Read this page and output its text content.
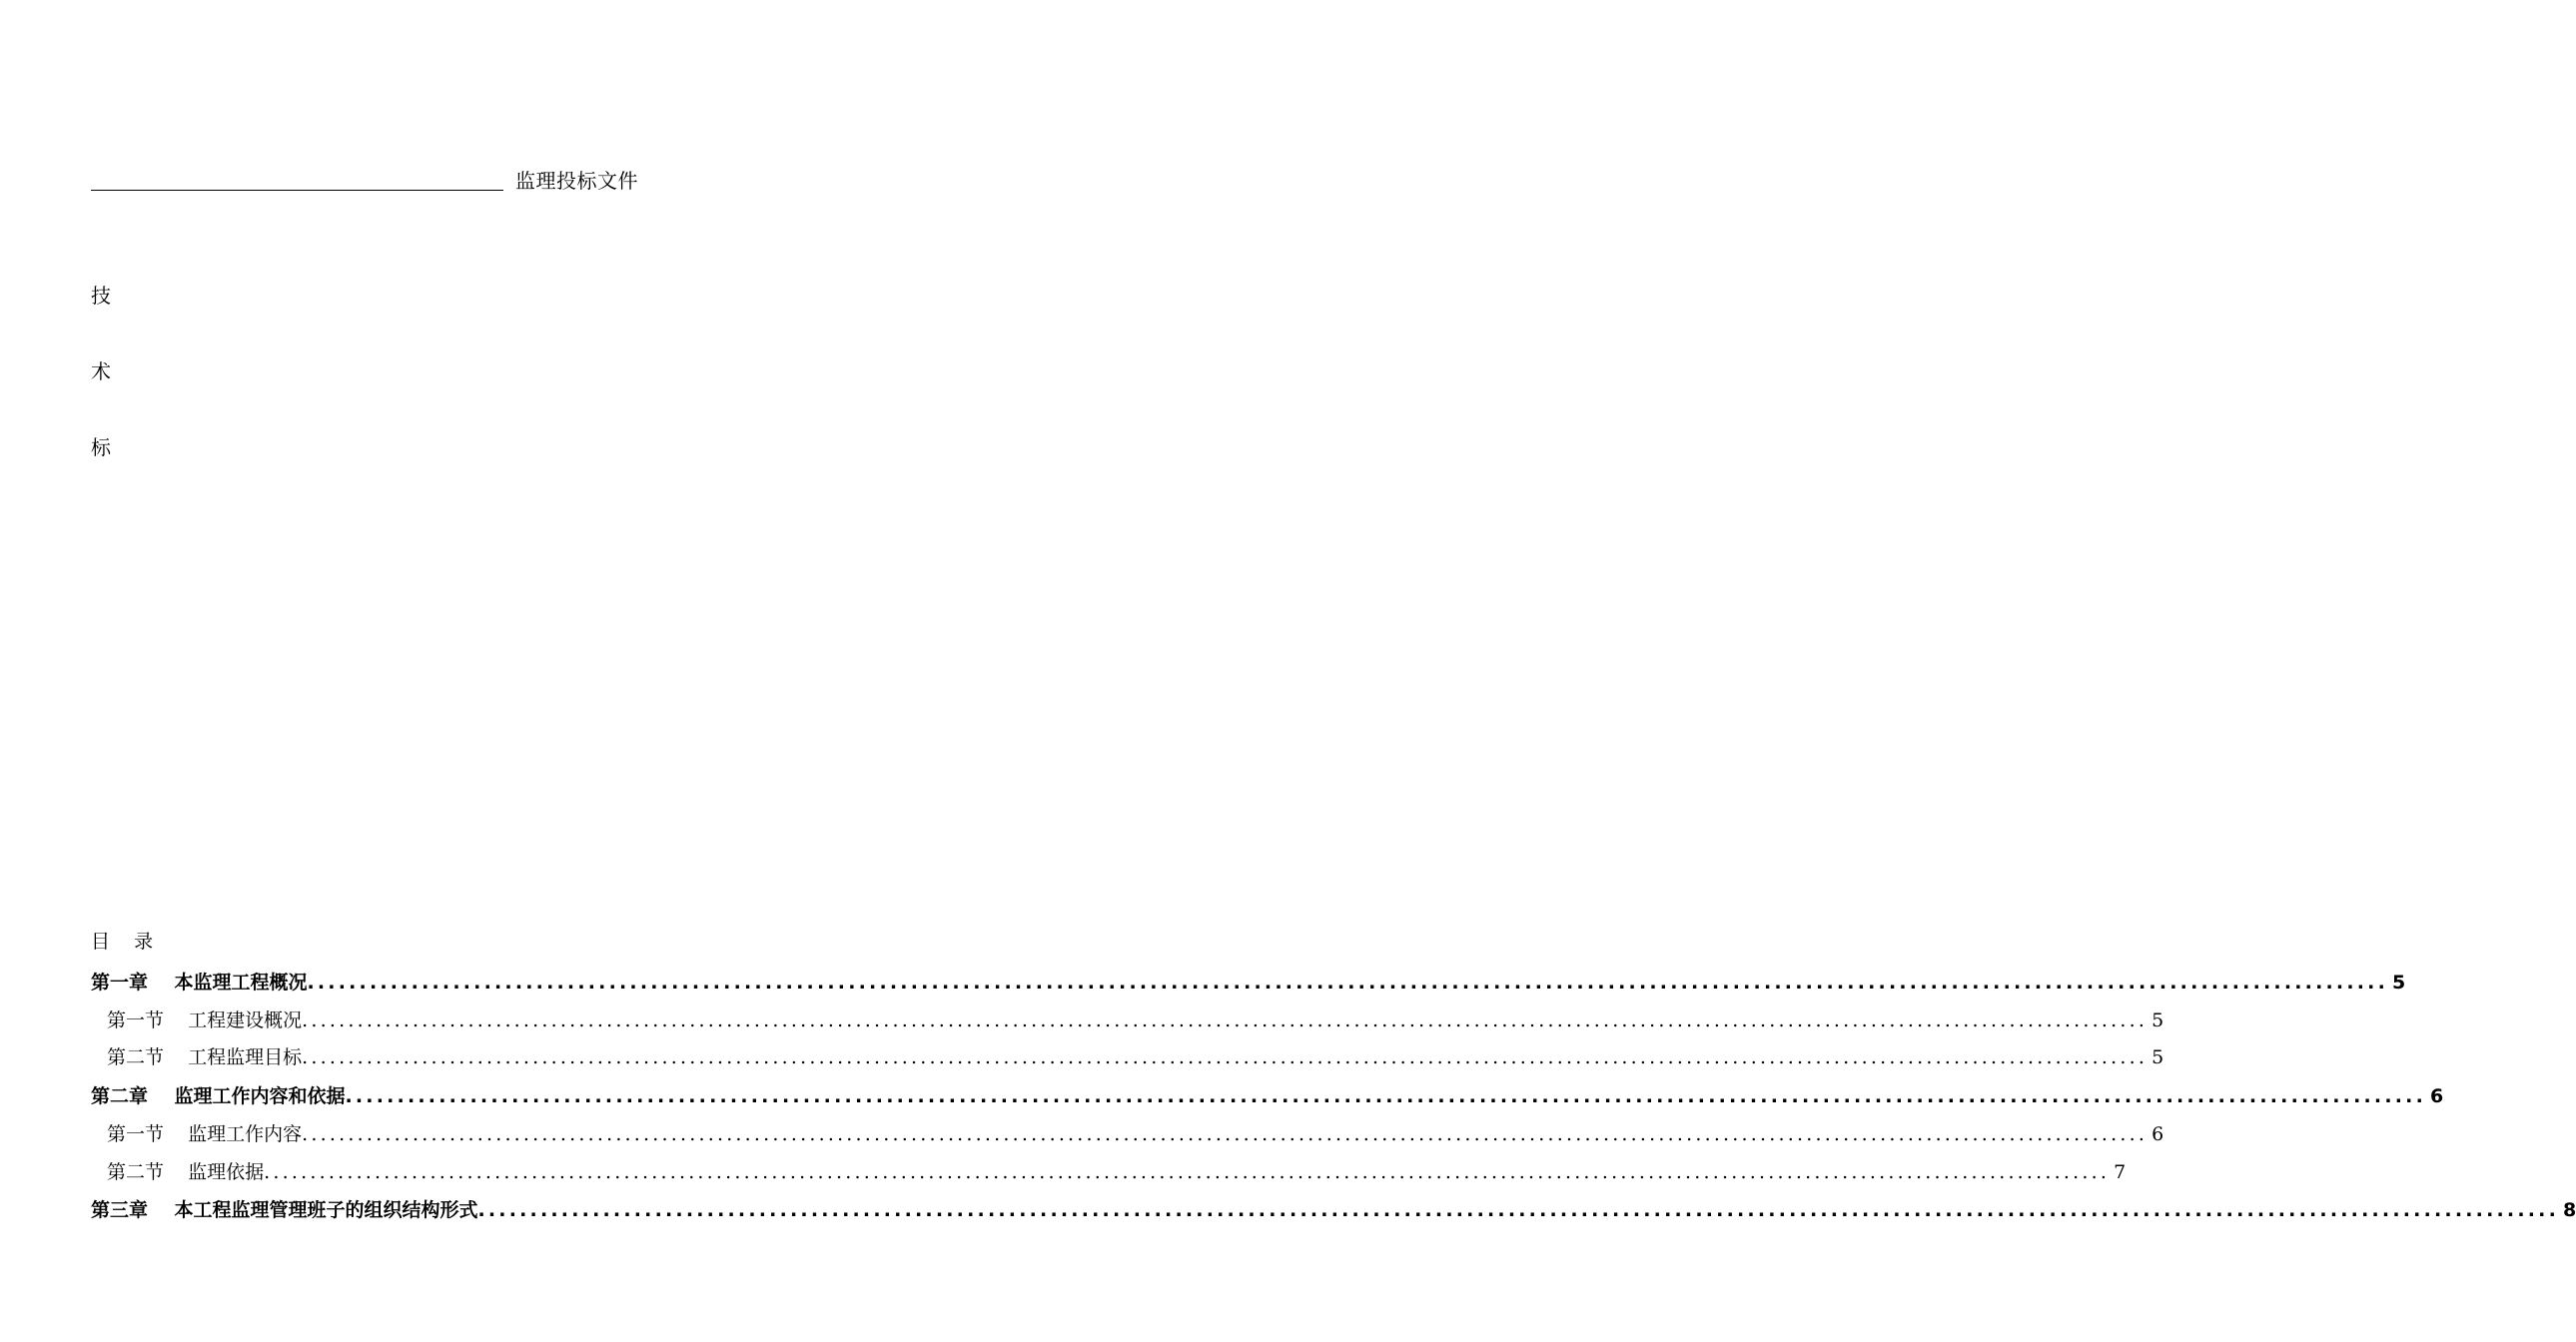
监理投标文件
技
术
标
目    录
第一章    本监理工程概况 ........................................................................................................................................................................................................ 5
第一节    工程建设概况 ........................................................................................................................................................................................................ 5
第二节    工程监理目标 ........................................................................................................................................................................................................ 5
第二章    监理工作内容和依据 ........................................................................................................................................................................................................ 6
第一节    监理工作内容 ........................................................................................................................................................................................................ 6
第二节    监理依据 ........................................................................................................................................................................................................ 7
第三章    本工程监理管理班子的组织结构形式 ........................................................................................................................................................................................................ 8
